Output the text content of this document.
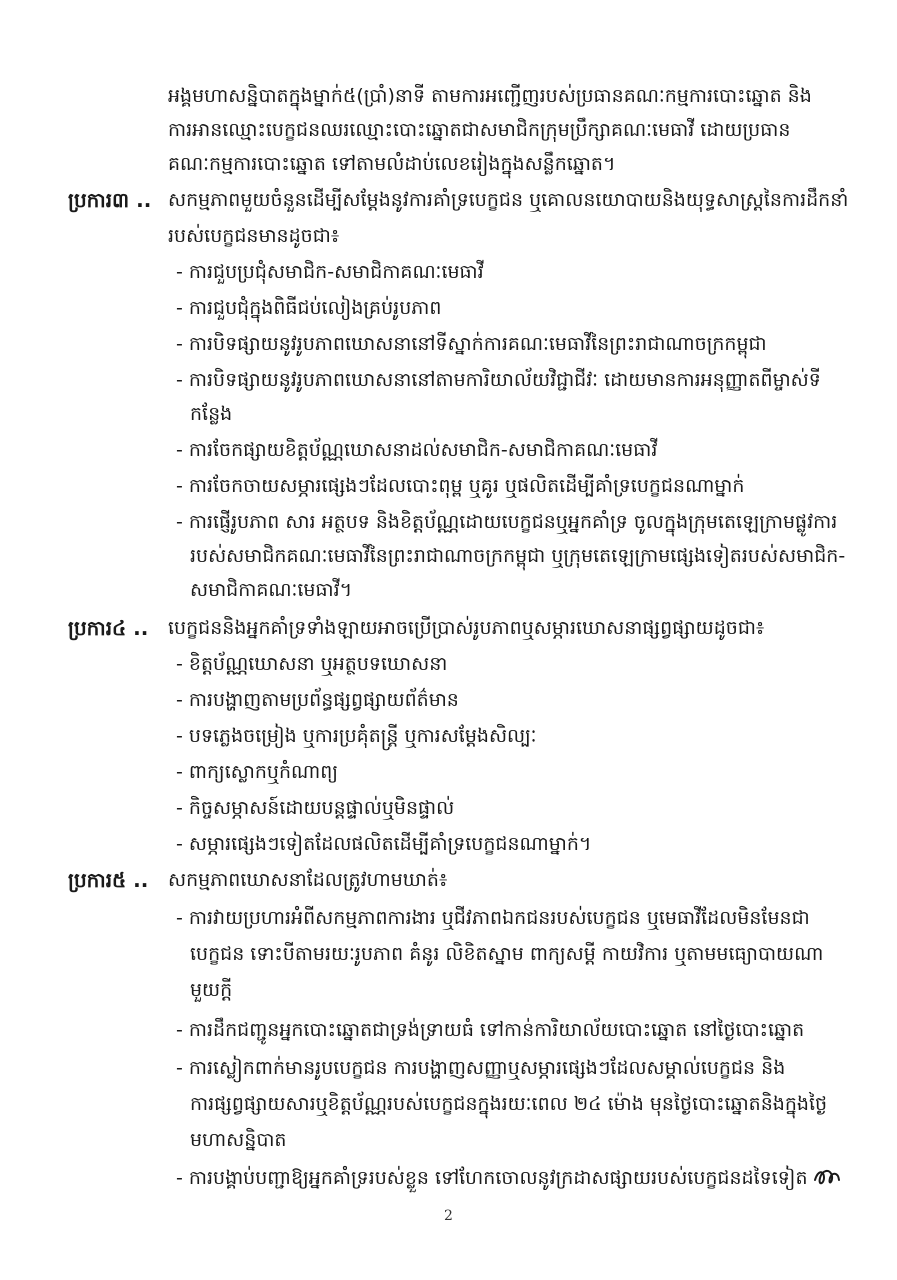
អង្គមហាសន្និបាតក្នុងម្នាក់៥(ប្រាំ)នាទី តាមការអញ្ជើញរបស់ប្រធានគណៈកម្មការបោះឆ្នោត និង
ការអានឈ្មោះបេក្ខជនឈរឈ្មោះបោះឆ្នោតជាសមាជិកក្រុមប្រឹក្សាគណៈមេធាវី ដោយប្រធាន
គណៈកម្មការបោះឆ្នោត ទៅតាមលំដាប់លេខរៀងក្នុងសន្លឹកឆ្នោត។
ប្រការ៣ .. សកម្មភាពមួយចំនួនដើម្បីសម្ដែងនូវការគាំទ្របេក្ខជន ឬគោលនយោបាយនិងយុទ្ធសាស្ត្រនៃការដឹកនាំ
របស់បេក្ខជនមានដូចជា៖
- ការជួបប្រជុំសមាជិក-សមាជិកាគណៈមេធាវី
- ការជួបជុំក្នុងពិធីជប់លៀងគ្រប់រូបភាព
- ការបិទផ្សាយនូវរូបភាពឃោសនានៅទីស្នាក់ការគណៈមេធាវីនៃព្រះរាជាណាចក្រកម្ពុជា
- ការបិទផ្សាយនូវរូបភាពឃោសនានៅតាមការិយាល័យវិជ្ជាជីវៈ ដោយមានការអនុញ្ញាតពីម្ចាស់ទី
កន្លែង
- ការចែកផ្សាយខិត្តប័ណ្ណឃោសនាដល់សមាជិក-សមាជិកាគណៈមេធាវី
- ការចែកចាយសម្ភារផ្សេងៗដែលបោះពុម្ព ឬគូរ ឬផលិតដើម្បីគាំទ្របេក្ខជនណាម្នាក់
- ការផ្ញើរូបភាព សារ អត្ថបទ និងខិត្តប័ណ្ណដោយបេក្ខជនឬអ្នកគាំទ្រ ចូលក្នុងក្រុមតេឡេក្រាមផ្លូវការ
របស់សមាជិកគណៈមេធាវីនៃព្រះរាជាណាចក្រកម្ពុជា ឬក្រុមតេឡេក្រាមផ្សេងទៀតរបស់សមាជិក-
សមាជិកាគណៈមេធាវី។
ប្រការ៤ .. បេក្ខជននិងអ្នកគាំទ្រទាំងឡាយអាចប្រើប្រាស់រូបភាពឬសម្ភារឃោសនាផ្សព្វផ្សាយដូចជា៖
- ខិត្តប័ណ្ណឃោសនា ឬអត្ថបទឃោសនា
- ការបង្ហាញតាមប្រព័ន្ធផ្សព្វផ្សាយព័ត៌មាន
- បទភ្លេងចម្រៀង ឬការប្រគុំតន្ត្រី ឬការសម្ដែងសិល្បៈ
- ពាក្យស្លោកឬកំណាព្យ
- កិច្ចសម្ភាសន៍ដោយបន្តផ្ទាល់ឬមិនផ្ទាល់
- សម្ភារផ្សេងៗទៀតដែលផលិតដើម្បីគាំទ្របេក្ខជនណាម្នាក់។
ប្រការ៥ .. សកម្មភាពឃោសនាដែលត្រូវហាមឃាត់៖
- ការវាយប្រហារអំពីសកម្មភាពការងារ ឬជីវភាពឯកជនរបស់បេក្ខជន ឬមេធាវីដែលមិនមែនជា
បេក្ខជន ទោះបីតាមរយៈរូបភាព គំនូរ លិខិតស្នាម ពាក្យសម្ដី កាយវិការ ឬតាមមធ្យោបាយណា
មួយក្ដី
- ការដឹកជញ្ជូនអ្នកបោះឆ្នោតជាទ្រង់ទ្រាយធំ ទៅកាន់ការិយាល័យបោះឆ្នោត នៅថ្ងៃបោះឆ្នោត
- ការស្លៀកពាក់មានរូបបេក្ខជន ការបង្ហាញសញ្ញាឬសម្ភារផ្សេងៗដែលសម្គាល់បេក្ខជន និង
ការផ្សព្វផ្សាយសារឬខិត្តប័ណ្ណរបស់បេក្ខជនក្នុងរយៈពេល ២៤ ម៉ោង មុនថ្ងៃបោះឆ្នោតនិងក្នុងថ្ងៃ
មហាសន្និបាត
- ការបង្គាប់បញ្ជាឱ្យអ្នកគាំទ្ររបស់ខ្លួន ទៅហែកចោលនូវក្រដាសផ្សាយរបស់បេក្ខជនដទៃទៀត
2
